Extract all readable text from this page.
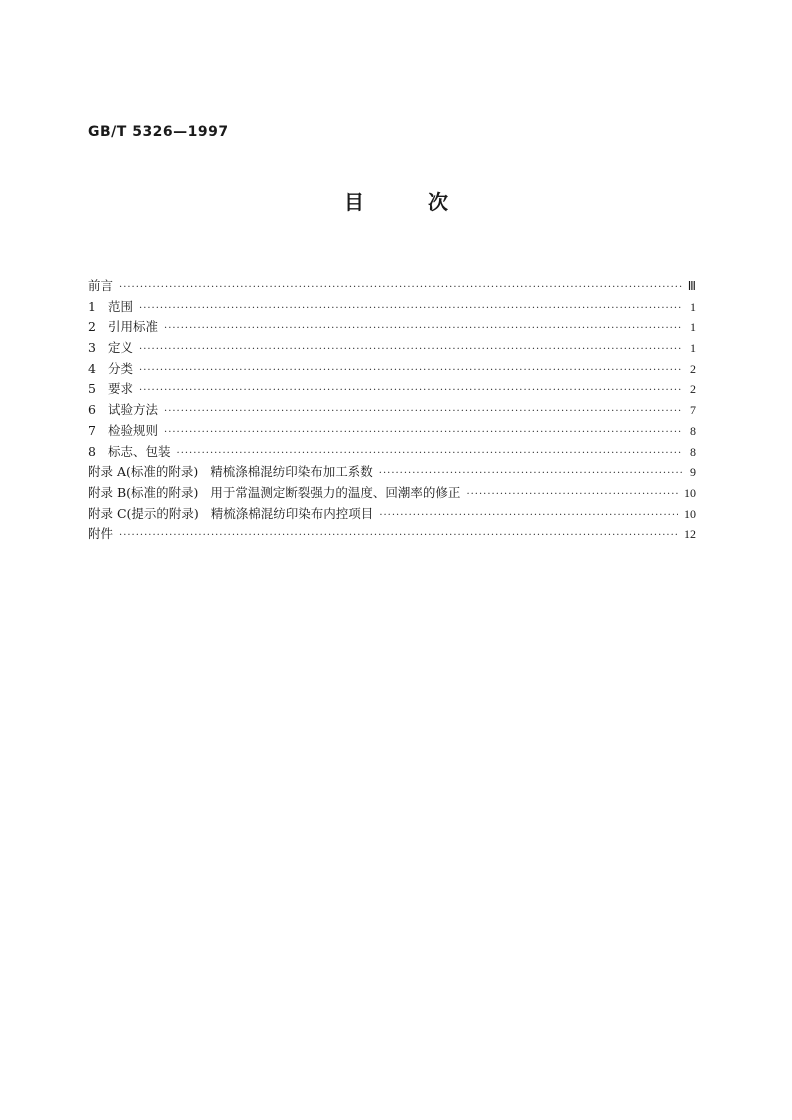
GB/T 5326—1997
目	次
前言 ·····	Ⅲ
1 范围 ·····	1
2 引用标准 ·····	1
3 定义 ·····	1
4 分类 ·····	2
5 要求 ·····	2
6 试验方法 ·····	7
7 检验规则 ·····	8
8 标志、包装 ·····	8
附录 A(标准的附录) 精梳涤棉混纺印染布加工系数 ·····	9
附录 B(标准的附录) 用于常温测定断裂强力的温度、回潮率的修正 ·····	10
附录 C(提示的附录) 精梳涤棉混纺印染布内控项目 ·····	10
附件 ·····	12
